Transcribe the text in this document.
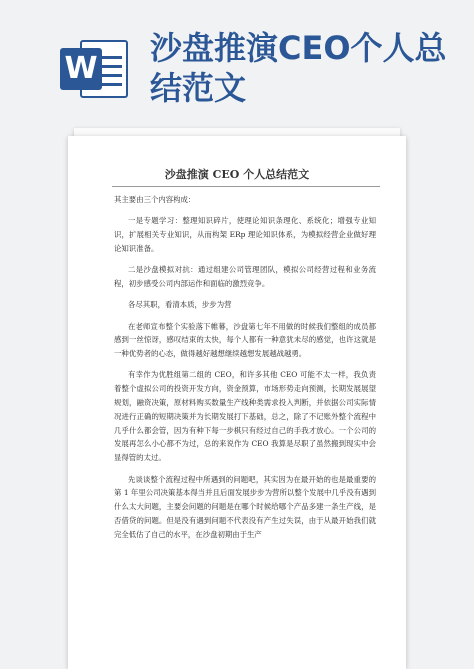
W
沙盘推演CEO个人总结范文
沙盘推演 CEO 个人总结范文

其主要由三个内容构成：

一是专题学习：整理知识碎片，使理论知识条理化、系统化；增强专业知识，扩展相关专业知识，从而构架 ERp 理论知识体系，为模拟经营企业做好理论知识准备。

二是沙盘模拟对抗：通过组建公司管理团队，模拟公司经营过程和业务流程，初步感受公司内部运作和面临的激烈竞争。

各尽其职，看清本质，步步为营

在老师宣布整个实验落下帷幕，沙盘第七年不用做的时候我们整组的成员都感到一丝惊讶，感叹结束的太快，每个人都有一种意犹未尽的感觉，也许这就是一种优势者的心态，做得越好越想继续越想发展越战越勇。

有幸作为优胜组第二组的 CEO，和许多其他 CEO 可能不太一样，我负责着整个虚拟公司的投资开发方向，资金预算，市场形势走向预测，长期发展展望规划，融资决策，原材料购买数量生产线种类需求投入判断，并依据公司实际情况进行正确的短期决策并为长期发展打下基础，总之，除了不记账外整个流程中几乎什么都会管，因为有种下每一步棋只有经过自己的手我才放心。一个公司的发展再怎么小心都不为过，总的来说作为 CEO 我算是尽职了虽然搬到现实中会显得管的太过。

先谈谈整个流程过程中所遇到的问题吧，其实因为在最开始的也是最重要的第 1 年里公司决策基本得当并且后面发展步步为营所以整个发展中几乎没有遇到什么太大问题，主要会问题的问题是在哪个时候给哪个产品多建一条生产线，是否借贷的问题。但是没有遇到问题不代表没有产生过失误，由于从最开始我们就完全低估了自己的水平，在沙盘初期由于生产
